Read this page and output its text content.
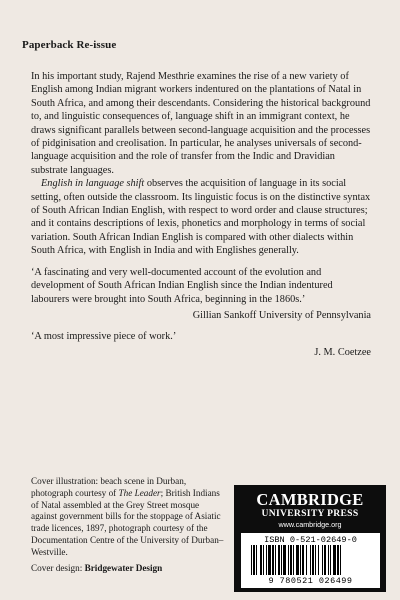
Paperback Re-issue

In his important study, Rajend Mesthrie examines the rise of a new variety of English among Indian migrant workers indentured on the plantations of Natal in South Africa, and among their descendants. Considering the historical background to, and linguistic consequences of, language shift in an immigrant context, he draws significant parallels between second-language acquisition and the processes of pidginisation and creolisation. In particular, he analyses universals of second-language acquisition and the role of transfer from the Indic and Dravidian substrate languages.

English in language shift observes the acquisition of language in its social setting, often outside the classroom. Its linguistic focus is on the distinctive syntax of South African Indian English, with respect to word order and clause structures; and it contains descriptions of lexis, phonetics and morphology in terms of social variation. South African Indian English is compared with other dialects within South Africa, with English in India and with Englishes generally.

‘A fascinating and very well-documented account of the evolution and development of South African Indian English since the Indian indentured labourers were brought into South Africa, beginning in the 1860s.’

Gillian Sankoff University of Pennsylvania

‘A most impressive piece of work.’

J. M. Coetzee

Cover illustration: beach scene in Durban, photograph courtesy of The Leader; British Indians of Natal assembled at the Grey Street mosque against government bills for the stoppage of Asiatic trade licences, 1897, photograph courtesy of the Documentation Centre of the University of Durban–Westville.

Cover design: Bridgewater Design

CAMBRIDGE
UNIVERSITY PRESS
www.cambridge.org
ISBN 0-521-02649-0
9 780521 026499
